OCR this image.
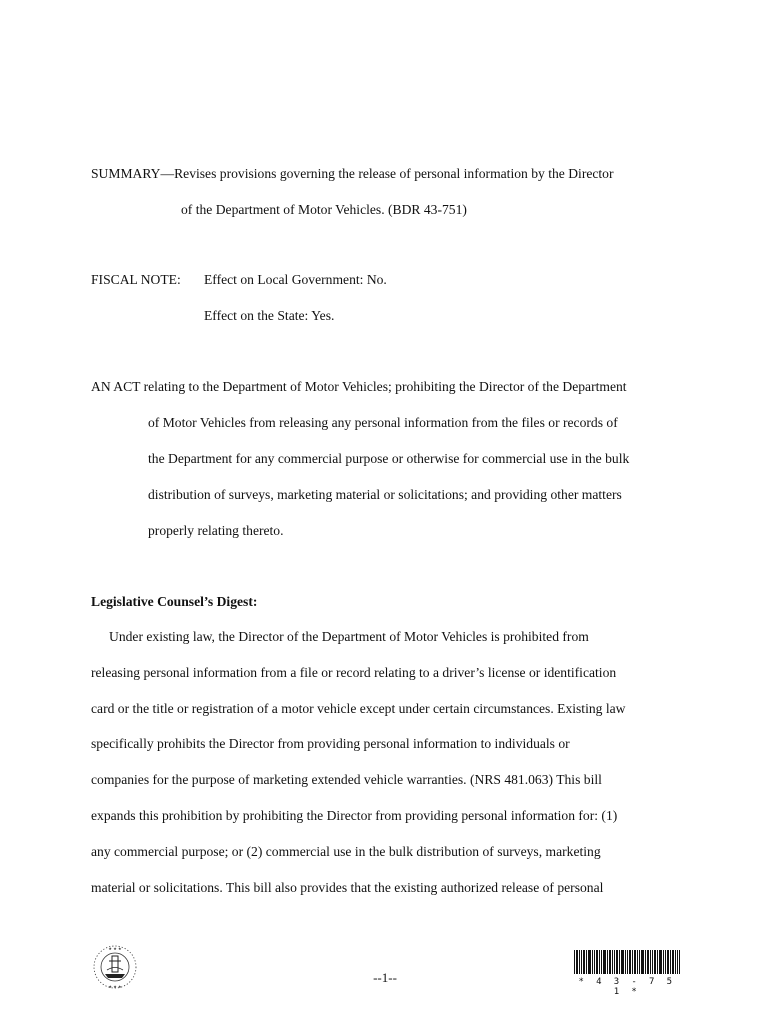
SUMMARY—Revises provisions governing the release of personal information by the Director
of the Department of Motor Vehicles. (BDR 43-751)
FISCAL NOTE: Effect on Local Government: No.
Effect on the State: Yes.
AN ACT relating to the Department of Motor Vehicles; prohibiting the Director of the Department
of Motor Vehicles from releasing any personal information from the files or records of
the Department for any commercial purpose or otherwise for commercial use in the bulk
distribution of surveys, marketing material or solicitations; and providing other matters
properly relating thereto.
Legislative Counsel’s Digest:
Under existing law, the Director of the Department of Motor Vehicles is prohibited from
releasing personal information from a file or record relating to a driver’s license or identification
card or the title or registration of a motor vehicle except under certain circumstances. Existing law
specifically prohibits the Director from providing personal information to individuals or
companies for the purpose of marketing extended vehicle warranties. (NRS 481.063) This bill
expands this prohibition by prohibiting the Director from providing personal information for: (1)
any commercial purpose; or (2) commercial use in the bulk distribution of surveys, marketing
material or solicitations. This bill also provides that the existing authorized release of personal
★ ★ ★
★ ★ ★
--1--	* 4 3 - 7 5 1 *
